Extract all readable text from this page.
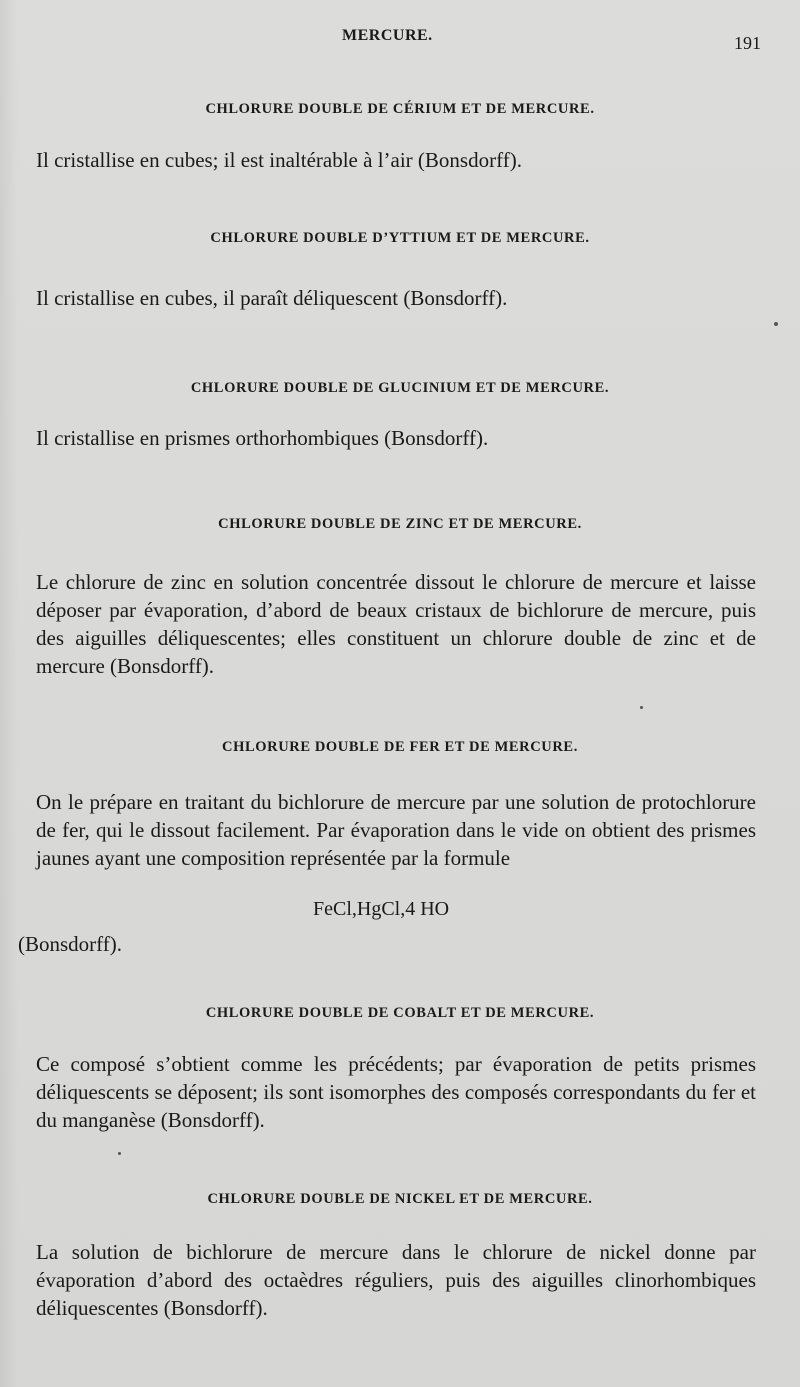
MERCURE.	191
CHLORURE DOUBLE DE CÉRIUM ET DE MERCURE.

Il cristallise en cubes; il est inaltérable à l’air (Bonsdorff).

CHLORURE DOUBLE D’YTTIUM ET DE MERCURE.

Il cristallise en cubes, il paraît déliquescent (Bonsdorff).

CHLORURE DOUBLE DE GLUCINIUM ET DE MERCURE.

Il cristallise en prismes orthorhombiques (Bonsdorff).

CHLORURE DOUBLE DE ZINC ET DE MERCURE.

Le chlorure de zinc en solution concentrée dissout le chlorure de mercure et laisse déposer par évaporation, d’abord de beaux cristaux de bichlorure de mercure, puis des aiguilles déliquescentes; elles constituent un chlorure double de zinc et de mercure (Bonsdorff).

CHLORURE DOUBLE DE FER ET DE MERCURE.

On le prépare en traitant du bichlorure de mercure par une solution de protochlorure de fer, qui le dissout facilement. Par évaporation dans le vide on obtient des prismes jaunes ayant une composition représentée par la formule

FeCl,HgCl,4 HO

(Bonsdorff).

CHLORURE DOUBLE DE COBALT ET DE MERCURE.

Ce composé s’obtient comme les précédents; par évaporation de petits prismes déliquescents se déposent; ils sont isomorphes des composés correspondants du fer et du manganèse (Bonsdorff).

CHLORURE DOUBLE DE NICKEL ET DE MERCURE.

La solution de bichlorure de mercure dans le chlorure de nickel donne par évaporation d’abord des octaèdres réguliers, puis des aiguilles clinorhombiques déliquescentes (Bonsdorff).
